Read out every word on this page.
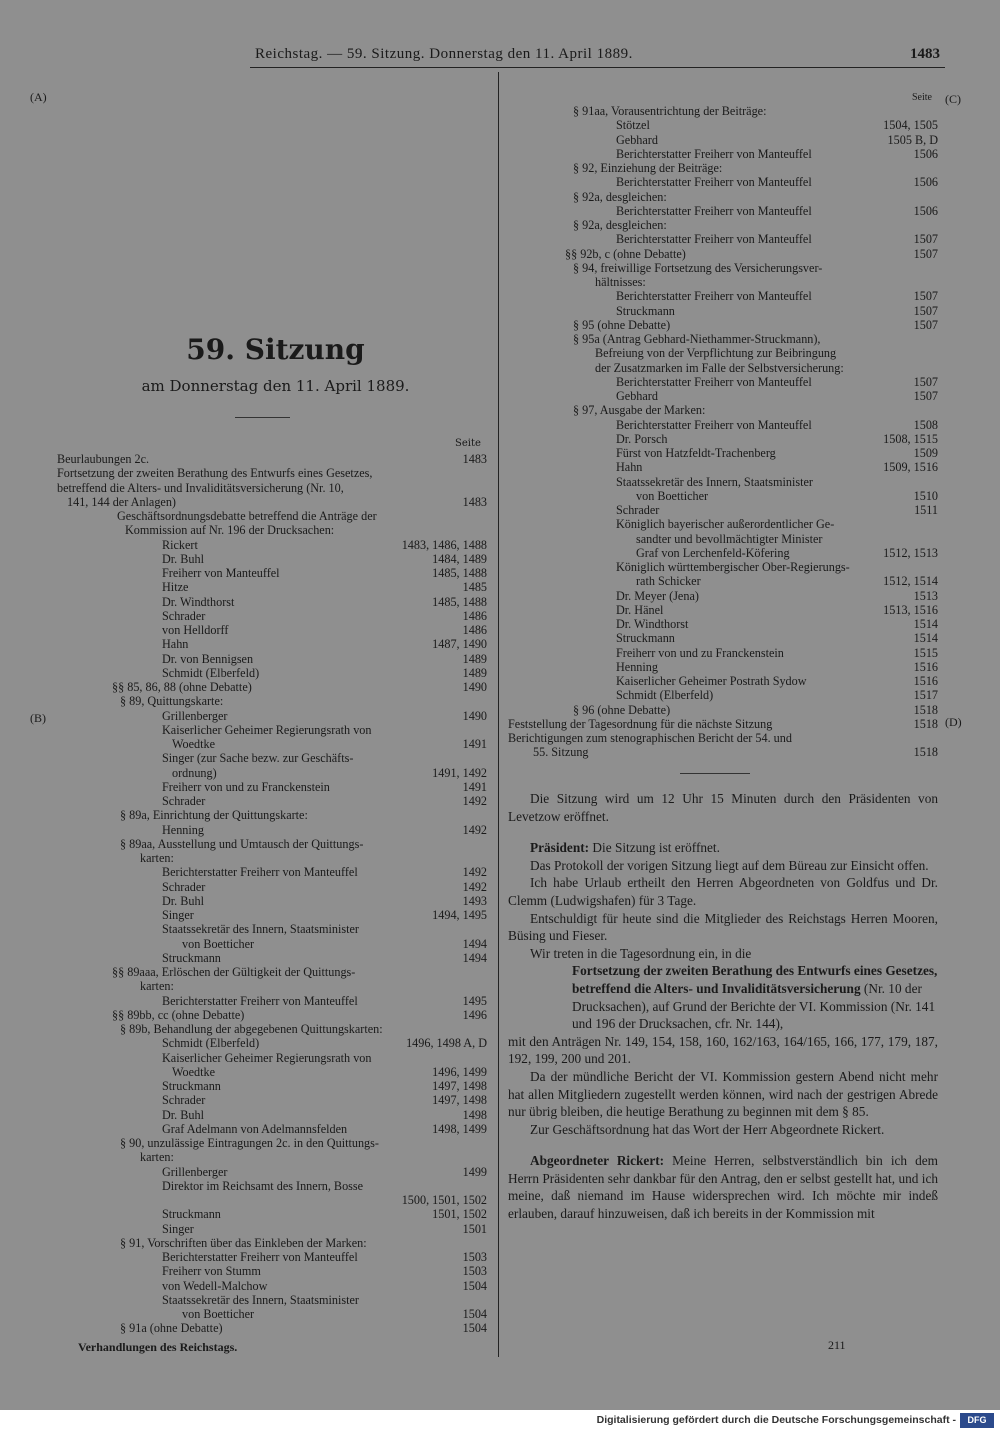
Reichstag. — 59. Sitzung. Donnerstag den 11. April 1889.	1483
(A)	(C)
(B)	(D)
59. Sitzung
am Donnerstag den 11. April 1889.
Seite
Seite
Beurlaubungen 2c.	1483
Fortsetzung der zweiten Berathung des Entwurfs eines Gesetzes,
betreffend die Alters- und Invaliditätsversicherung (Nr. 10,
141, 144 der Anlagen)	1483
Geschäftsordnungsdebatte betreffend die Anträge der
Kommission auf Nr. 196 der Drucksachen:
Rickert	1483, 1486, 1488
Dr. Buhl	1484, 1489
Freiherr von Manteuffel	1485, 1488
Hitze	1485
Dr. Windthorst	1485, 1488
Schrader	1486
von Helldorff	1486
Hahn	1487, 1490
Dr. von Bennigsen	1489
Schmidt (Elberfeld)	1489
§§ 85, 86, 88 (ohne Debatte)	1490
§ 89, Quittungskarte:
Grillenberger	1490
Kaiserlicher Geheimer Regierungsrath von
Woedtke	1491
Singer (zur Sache bezw. zur Geschäfts-
ordnung)	1491, 1492
Freiherr von und zu Franckenstein	1491
Schrader	1492
§ 89a, Einrichtung der Quittungskarte:
Henning	1492
§ 89aa, Ausstellung und Umtausch der Quittungs-
karten:
Berichterstatter Freiherr von Manteuffel	1492
Schrader	1492
Dr. Buhl	1493
Singer	1494, 1495
Staatssekretär des Innern, Staatsminister
von Boetticher	1494
Struckmann	1494
§§ 89aaa, Erlöschen der Gültigkeit der Quittungs-
karten:
Berichterstatter Freiherr von Manteuffel	1495
§§ 89bb, cc (ohne Debatte)	1496
§ 89b, Behandlung der abgegebenen Quittungskarten:
Schmidt (Elberfeld)	1496, 1498 A, D
Kaiserlicher Geheimer Regierungsrath von
Woedtke	1496, 1499
Struckmann	1497, 1498
Schrader	1497, 1498
Dr. Buhl	1498
Graf Adelmann von Adelmannsfelden	1498, 1499
§ 90, unzulässige Eintragungen 2c. in den Quittungs-
karten:
Grillenberger	1499
Direktor im Reichsamt des Innern, Bosse
1500, 1501, 1502
Struckmann	1501, 1502
Singer	1501
§ 91, Vorschriften über das Einkleben der Marken:
Berichterstatter Freiherr von Manteuffel	1503
Freiherr von Stumm	1503
von Wedell-Malchow	1504
Staatssekretär des Innern, Staatsminister
von Boetticher	1504
§ 91a (ohne Debatte)	1504
§ 91aa, Vorausentrichtung der Beiträge:
Stötzel	1504, 1505
Gebhard	1505 B, D
Berichterstatter Freiherr von Manteuffel	1506
§ 92, Einziehung der Beiträge:
Berichterstatter Freiherr von Manteuffel	1506
§ 92a, desgleichen:
Berichterstatter Freiherr von Manteuffel	1506
§ 92a, desgleichen:
Berichterstatter Freiherr von Manteuffel	1507
§§ 92b, c (ohne Debatte)	1507
§ 94, freiwillige Fortsetzung des Versicherungsver-
hältnisses:
Berichterstatter Freiherr von Manteuffel	1507
Struckmann	1507
§ 95 (ohne Debatte)	1507
§ 95a (Antrag Gebhard-Niethammer-Struckmann),
Befreiung von der Verpflichtung zur Beibringung
der Zusatzmarken im Falle der Selbstversicherung:
Berichterstatter Freiherr von Manteuffel	1507
Gebhard	1507
§ 97, Ausgabe der Marken:
Berichterstatter Freiherr von Manteuffel	1508
Dr. Porsch	1508, 1515
Fürst von Hatzfeldt-Trachenberg	1509
Hahn	1509, 1516
Staatssekretär des Innern, Staatsminister
von Boetticher	1510
Schrader	1511
Königlich bayerischer außerordentlicher Ge-
sandter und bevollmächtigter Minister
Graf von Lerchenfeld-Köfering	1512, 1513
Königlich württembergischer Ober-Regierungs-
rath Schicker	1512, 1514
Dr. Meyer (Jena)	1513
Dr. Hänel	1513, 1516
Dr. Windthorst	1514
Struckmann	1514
Freiherr von und zu Franckenstein	1515
Henning	1516
Kaiserlicher Geheimer Postrath Sydow	1516
Schmidt (Elberfeld)	1517
§ 96 (ohne Debatte)	1518
Feststellung der Tagesordnung für die nächste Sitzung	1518
Berichtigungen zum stenographischen Bericht der 54. und
55. Sitzung	1518

Die Sitzung wird um 12 Uhr 15 Minuten durch den Präsidenten von Levetzow eröffnet.

Präsident: Die Sitzung ist eröffnet.

Das Protokoll der vorigen Sitzung liegt auf dem Büreau zur Einsicht offen.

Ich habe Urlaub ertheilt den Herren Abgeordneten von Goldfus und Dr. Clemm (Ludwigshafen) für 3 Tage.

Entschuldigt für heute sind die Mitglieder des Reichstags Herren Mooren, Büsing und Fieser.

Wir treten in die Tagesordnung ein, in die

Fortsetzung der zweiten Berathung des Entwurfs eines Gesetzes, betreffend die Alters- und Invaliditätsversicherung (Nr. 10 der Drucksachen), auf Grund der Berichte der VI. Kommission (Nr. 141 und 196 der Drucksachen, cfr. Nr. 144),

mit den Anträgen Nr. 149, 154, 158, 160, 162/163, 164/165, 166, 177, 179, 187, 192, 199, 200 und 201.

Da der mündliche Bericht der VI. Kommission gestern Abend nicht mehr hat allen Mitgliedern zugestellt werden können, wird nach der gestrigen Abrede nur übrig bleiben, die heutige Berathung zu beginnen mit dem § 85.

Zur Geschäftsordnung hat das Wort der Herr Abgeordnete Rickert.

Abgeordneter Rickert: Meine Herren, selbstverständlich bin ich dem Herrn Präsidenten sehr dankbar für den Antrag, den er selbst gestellt hat, und ich meine, daß niemand im Hause widersprechen wird. Ich möchte mir indeß erlauben, darauf hinzuweisen, daß ich bereits in der Kommission mit

Verhandlungen des Reichstags.	211
Digitalisierung gefördert durch die Deutsche Forschungsgemeinschaft -	DFG
